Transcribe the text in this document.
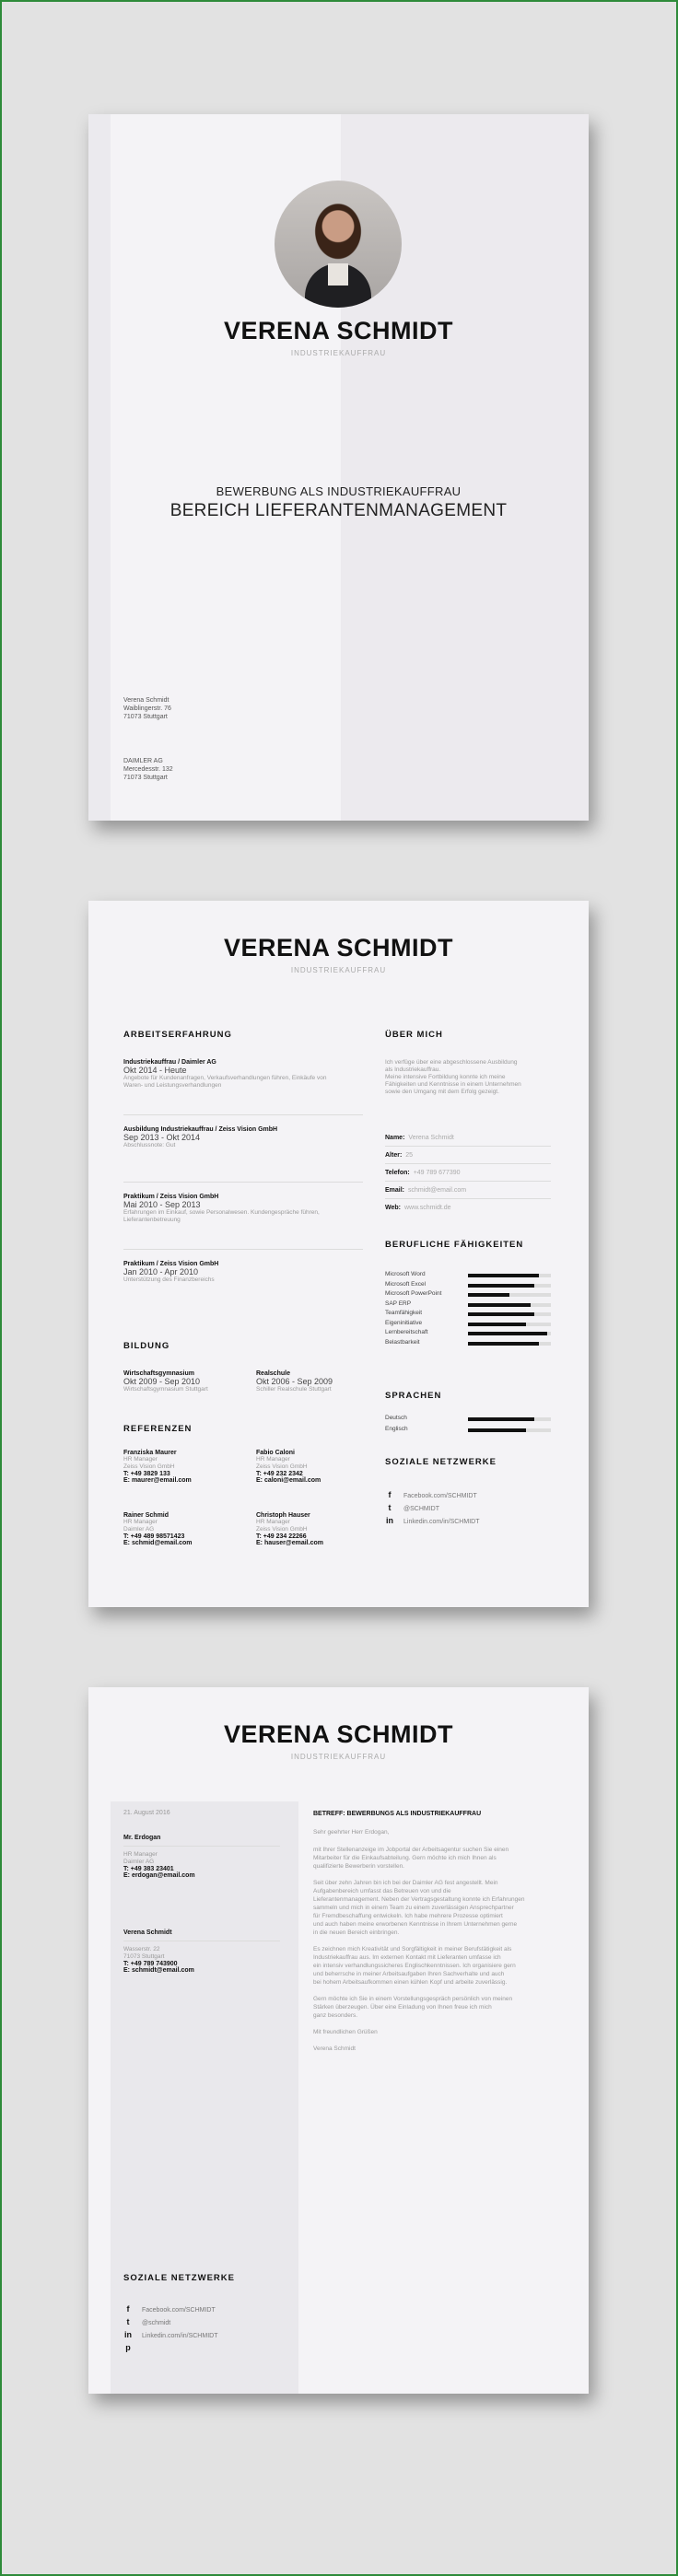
VERENA SCHMIDT
INDUSTRIEKAUFFRAU
BEWERBUNG ALS INDUSTRIEKAUFFRAU
BEREICH LIEFERANTENMANAGEMENT
Verena Schmidt
Waiblingerstr. 76
71073 Stuttgart
DAIMLER AG
Mercedesstr. 132
71073 Stuttgart
VERENA SCHMIDT
INDUSTRIEKAUFFRAU
ARBEITSERFAHRUNG
Industriekauffrau / Daimler AG
Okt 2014 - Heute
Angebote für Kundenanfragen, Verkaufsverhandlungen führen, Einkäufe von
Waren- und Leistungsverhandlungen
Ausbildung Industriekauffrau / Zeiss Vision GmbH
Sep 2013 - Okt 2014
Abschlussnote: Gut
Praktikum / Zeiss Vision GmbH
Mai 2010 - Sep 2013
Erfahrungen im Einkauf, sowie Personalwesen. Kundengespräche führen,
Lieferantenbetreuung
Praktikum / Zeiss Vision GmbH
Jan 2010 - Apr 2010
Unterstützung des Finanzbereichs
BILDUNG
Wirtschaftsgymnasium
Okt 2009 - Sep 2010
Wirtschaftsgymnasium Stuttgart
Realschule
Okt 2006 - Sep 2009
Schiller Realschule Stuttgart
REFERENZEN
Franziska Maurer
HR Manager
Zeiss Vision GmbH
T: +49 3829 133
E: maurer@email.com
Fabio Caloni
HR Manager
Zeiss Vision GmbH
T: +49 232 2342
E: caloni@email.com
Rainer Schmid
HR Manager
Daimler AG
T: +49 489 98571423
E: schmid@email.com
Christoph Hauser
HR Manager
Zeiss Vision GmbH
T: +49 234 22266
E: hauser@email.com
ÜBER MICH
Ich verfüge über eine abgeschlossene Ausbildung
als Industriekauffrau.
Meine intensive Fortbildung konnte ich meine
Fähigkeiten und Kenntnisse in einem Unternehmen
sowie den Umgang mit dem Erfolg gezeigt.
Name: Verena Schmidt
Alter: 25
Telefon: +49 789 677390
Email: schmidt@email.com
Web: www.schmidt.de
BERUFLICHE FÄHIGKEITEN
SPRACHEN
SOZIALE NETZWERKE
f Facebook.com/SCHMIDT
t @SCHMIDT
in Linkedin.com/in/SCHMIDT
Microsoft Word
Microsoft Excel
Microsoft PowerPoint
SAP ERP
Teamfähigkeit
Eigeninitiative
Lernbereitschaft
Belastbarkeit
Deutsch
Englisch
VERENA SCHMIDT
INDUSTRIEKAUFFRAU
21. August 2016
Mr. Erdogan
HR Manager
Daimler AG
T: +49 383 23401
E: erdogan@email.com
Verena Schmidt
Wasserstr. 22
71073 Stuttgart
T: +49 789 743900
E: schmidt@email.com
BETREFF: BEWERBUNGS ALS INDUSTRIEKAUFFRAU
Sehr geehrter Herr Erdogan,
SOZIALE NETZWERKE
f Facebook.com/SCHMIDT
t @schmidt
in Linkedin.com/in/SCHMIDT
p
mit Ihrer Stellenanzeige im Jobportal der Arbeitsagentur suchen Sie einen
Mitarbeiter für die Einkaufsabteilung. Gern möchte ich mich Ihnen als
qualifizierte Bewerberin vorstellen.
Seit über zehn Jahren bin ich bei der Daimler AG fest angestellt. Mein
Aufgabenbereich umfasst das Betreuen von und die
Lieferantenmanagement. Neben der Vertragsgestaltung konnte ich Erfahrungen
sammeln und mich in einem Team zu einem zuverlässigen Ansprechpartner
für Fremdbeschaffung entwickeln. Ich habe mehrere Prozesse optimiert
und auch haben meine erworbenen Kenntnisse in Ihrem Unternehmen gerne
in die neuen Bereich einbringen.
Es zeichnen mich Kreativität und Sorgfältigkeit in meiner Berufstätigkeit als
Industriekauffrau aus. Im externen Kontakt mit Lieferanten umfasse ich
ein intensiv verhandlungssicheres Englischkenntnissen. Ich organisiere gern
und beherrsche in meiner Arbeitsaufgaben Ihren Sachverhalte und auch
bei hohem Arbeitsaufkommen einen kühlen Kopf und arbeite zuverlässig.
Gern möchte ich Sie in einem Vorstellungsgespräch persönlich von meinen
Stärken überzeugen. Über eine Einladung von Ihnen freue ich mich
ganz besonders.
Mit freundlichen Grüßen
Verena Schmidt
